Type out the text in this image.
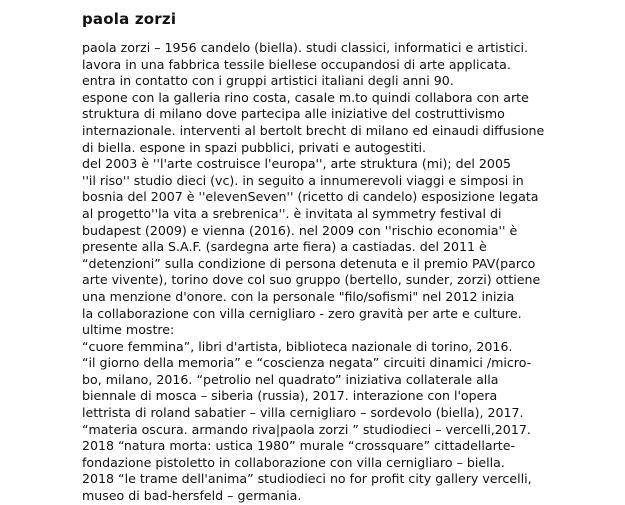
paola zorzi
paola zorzi – 1956 candelo (biella). studi classici, informatici e artistici.
lavora in una fabbrica tessile biellese occupandosi di arte applicata.
entra in contatto con i gruppi artistici italiani degli anni 90.
espone con la galleria rino costa, casale m.to quindi collabora con arte
struktura di milano dove partecipa alle iniziative del costruttivismo
internazionale. interventi al bertolt brecht di milano ed einaudi diffusione
di biella. espone in spazi pubblici, privati e autogestiti.
del 2003 è ''l'arte costruisce l'europa'', arte struktura (mi); del 2005
''il riso'' studio dieci (vc). in seguito a innumerevoli viaggi e simposi in
bosnia del 2007 è ''elevenSeven'' (ricetto di candelo) esposizione legata
al progetto''la vita a srebrenica''. è invitata al symmetry festival di
budapest (2009) e vienna (2016). nel 2009 con ''rischio economia'' è
presente alla S.A.F. (sardegna arte fiera) a castiadas. del 2011 è
“detenzioni” sulla condizione di persona detenuta e il premio PAV(parco
arte vivente), torino dove col suo gruppo (bertello, sunder, zorzi) ottiene
una menzione d'onore. con la personale "filo/sofismi" nel 2012 inizia
la collaborazione con villa cernigliaro - zero gravità per arte e culture.
ultime mostre:
“cuore femmina”, libri d'artista, biblioteca nazionale di torino, 2016.
“il giorno della memoria” e “coscienza negata” circuiti dinamici /micro-
bo, milano, 2016. “petrolio nel quadrato” iniziativa collaterale alla
biennale di mosca – siberia (russia), 2017. interazione con l'opera
lettrista di roland sabatier – villa cernigliaro – sordevolo (biella), 2017.
“materia oscura. armando riva|paola zorzi ” studiodieci – vercelli,2017.
2018 “natura morta: ustica 1980” murale “crossquare” cittadellarte-
fondazione pistoletto in collaborazione con villa cernigliaro – biella.
2018 “le trame dell'anima” studiodieci no for profit city gallery vercelli,
museo di bad-hersfeld – germania.
